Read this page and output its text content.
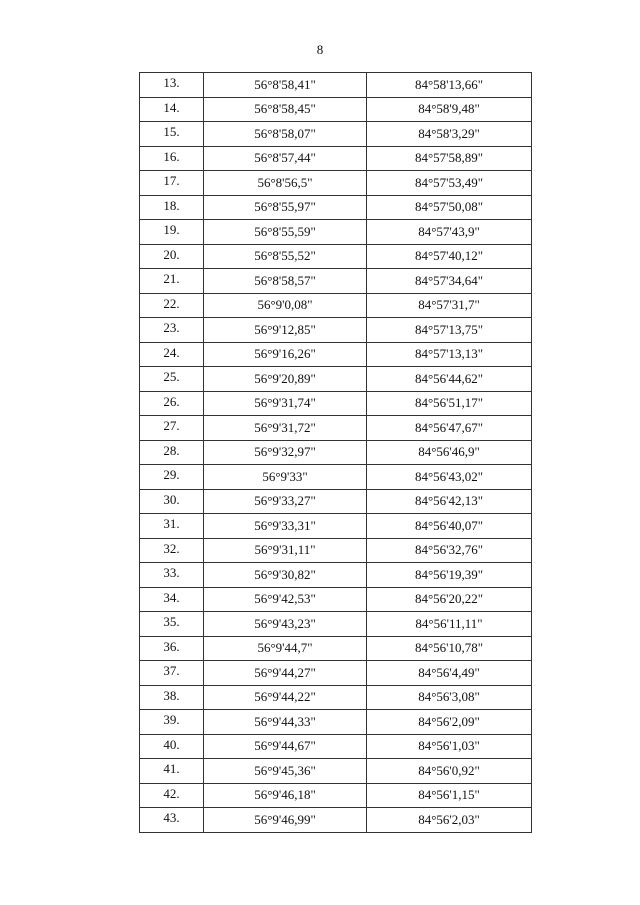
8
13.	56°8'58,41"	84°58'13,66"
14.	56°8'58,45"	84°58'9,48"
15.	56°8'58,07"	84°58'3,29"
16.	56°8'57,44"	84°57'58,89"
17.	56°8'56,5"	84°57'53,49"
18.	56°8'55,97"	84°57'50,08"
19.	56°8'55,59"	84°57'43,9"
20.	56°8'55,52"	84°57'40,12"
21.	56°8'58,57"	84°57'34,64"
22.	56°9'0,08"	84°57'31,7"
23.	56°9'12,85"	84°57'13,75"
24.	56°9'16,26"	84°57'13,13"
25.	56°9'20,89"	84°56'44,62"
26.	56°9'31,74"	84°56'51,17"
27.	56°9'31,72"	84°56'47,67"
28.	56°9'32,97"	84°56'46,9"
29.	56°9'33"	84°56'43,02"
30.	56°9'33,27"	84°56'42,13"
31.	56°9'33,31"	84°56'40,07"
32.	56°9'31,11"	84°56'32,76"
33.	56°9'30,82"	84°56'19,39"
34.	56°9'42,53"	84°56'20,22"
35.	56°9'43,23"	84°56'11,11"
36.	56°9'44,7"	84°56'10,78"
37.	56°9'44,27"	84°56'4,49"
38.	56°9'44,22"	84°56'3,08"
39.	56°9'44,33"	84°56'2,09"
40.	56°9'44,67"	84°56'1,03"
41.	56°9'45,36"	84°56'0,92"
42.	56°9'46,18"	84°56'1,15"
43.	56°9'46,99"	84°56'2,03"
